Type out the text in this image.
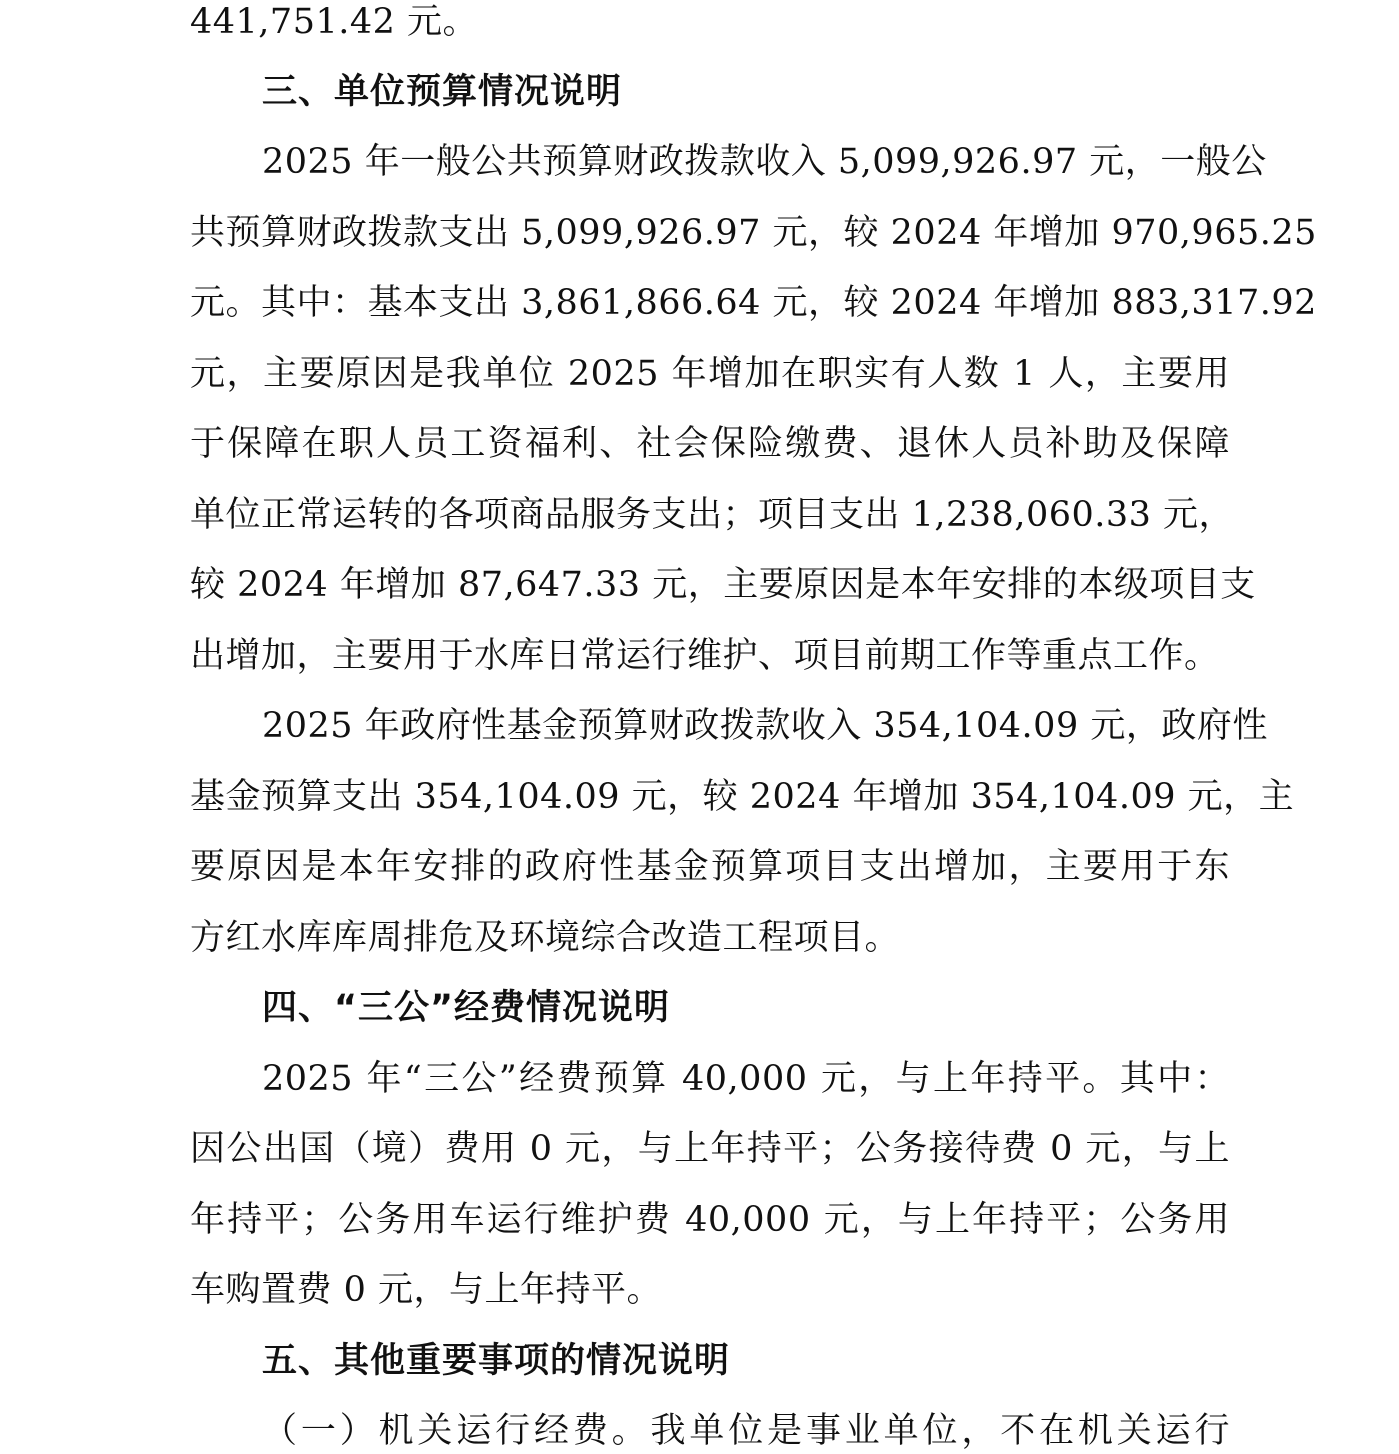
441,751.42 元。
三、单位预算情况说明
2025 年一般公共预算财政拨款收入 5,099,926.97 元，一般公
共预算财政拨款支出 5,099,926.97 元，较 2024 年增加 970,965.25
元。其中：基本支出 3,861,866.64 元，较 2024 年增加 883,317.92
元，主要原因是我单位 2025 年增加在职实有人数 1 人，主要用
于保障在职人员工资福利、社会保险缴费、退休人员补助及保障
单位正常运转的各项商品服务支出；项目支出 1,238,060.33 元，
较 2024 年增加 87,647.33 元，主要原因是本年安排的本级项目支
出增加，主要用于水库日常运行维护、项目前期工作等重点工作。
2025 年政府性基金预算财政拨款收入 354,104.09 元，政府性
基金预算支出 354,104.09 元，较 2024 年增加 354,104.09 元，主
要原因是本年安排的政府性基金预算项目支出增加，主要用于东
方红水库库周排危及环境综合改造工程项目。
四、“三公”经费情况说明
2025 年“三公”经费预算 40,000 元，与上年持平。其中：
因公出国（境）费用 0 元，与上年持平；公务接待费 0 元，与上
年持平；公务用车运行维护费 40,000 元，与上年持平；公务用
车购置费 0 元，与上年持平。
五、其他重要事项的情况说明
（一）机关运行经费。我单位是事业单位，不在机关运行
